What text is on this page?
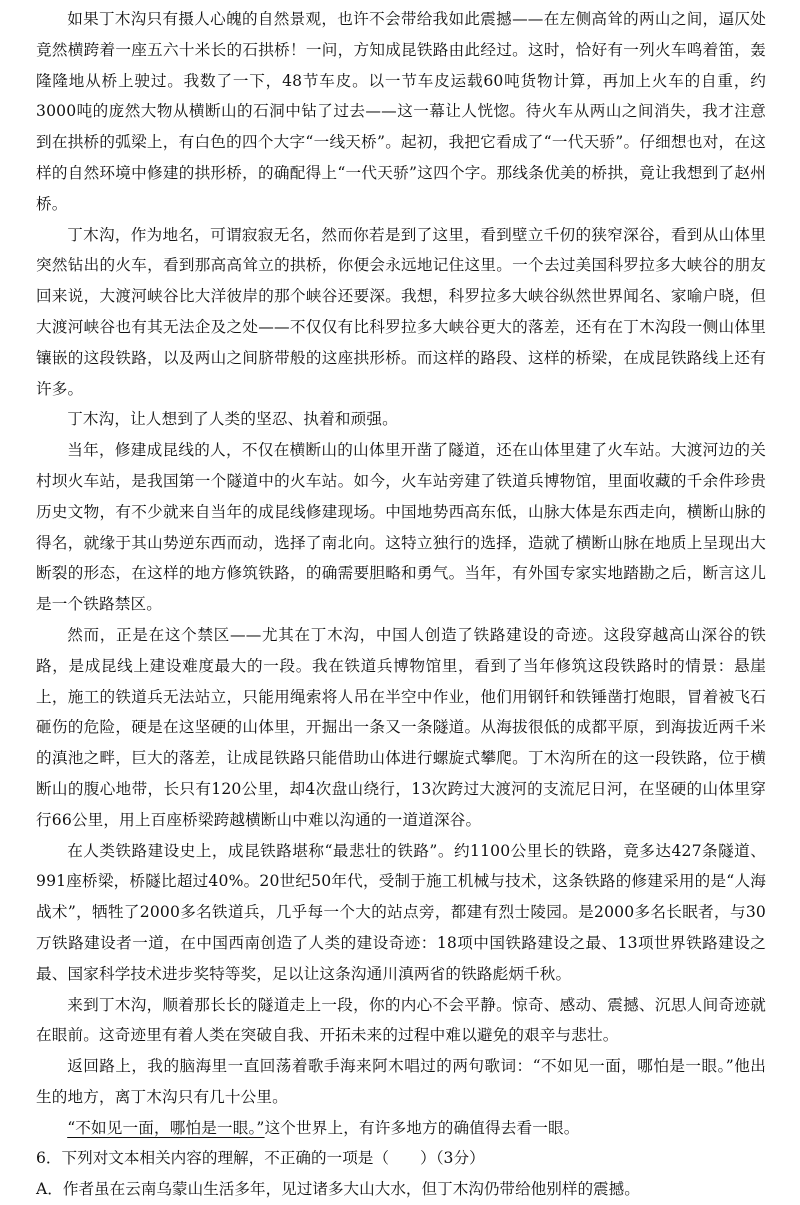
如果丁木沟只有摄人心魄的自然景观，也许不会带给我如此震撼——在左侧高耸的两山之间，逼仄处竟然横跨着一座五六十米长的石拱桥！一问，方知成昆铁路由此经过。这时，恰好有一列火车鸣着笛，轰隆隆地从桥上驶过。我数了一下，48节车皮。以一节车皮运载60吨货物计算，再加上火车的自重，约3000吨的庞然大物从横断山的石洞中钻了过去——这一幕让人恍惚。待火车从两山之间消失，我才注意到在拱桥的弧梁上，有白色的四个大字“一线天桥”。起初，我把它看成了“一代天骄”。仔细想也对，在这样的自然环境中修建的拱形桥，的确配得上“一代天骄”这四个字。那线条优美的桥拱，竟让我想到了赵州桥。

丁木沟，作为地名，可谓寂寂无名，然而你若是到了这里，看到壁立千仞的狭窄深谷，看到从山体里突然钻出的火车，看到那高高耸立的拱桥，你便会永远地记住这里。一个去过美国科罗拉多大峡谷的朋友回来说，大渡河峡谷比大洋彼岸的那个峡谷还要深。我想，科罗拉多大峡谷纵然世界闻名、家喻户晓，但大渡河峡谷也有其无法企及之处——不仅仅有比科罗拉多大峡谷更大的落差，还有在丁木沟段一侧山体里镶嵌的这段铁路，以及两山之间脐带般的这座拱形桥。而这样的路段、这样的桥梁，在成昆铁路线上还有许多。

丁木沟，让人想到了人类的坚忍、执着和顽强。

当年，修建成昆线的人，不仅在横断山的山体里开凿了隧道，还在山体里建了火车站。大渡河边的关村坝火车站，是我国第一个隧道中的火车站。如今，火车站旁建了铁道兵博物馆，里面收藏的千余件珍贵历史文物，有不少就来自当年的成昆线修建现场。中国地势西高东低，山脉大体是东西走向，横断山脉的得名，就缘于其山势逆东西而动，选择了南北向。这特立独行的选择，造就了横断山脉在地质上呈现出大断裂的形态，在这样的地方修筑铁路，的确需要胆略和勇气。当年，有外国专家实地踏勘之后，断言这儿是一个铁路禁区。

然而，正是在这个禁区——尤其在丁木沟，中国人创造了铁路建设的奇迹。这段穿越高山深谷的铁路，是成昆线上建设难度最大的一段。我在铁道兵博物馆里，看到了当年修筑这段铁路时的情景：悬崖上，施工的铁道兵无法站立，只能用绳索将人吊在半空中作业，他们用钢钎和铁锤凿打炮眼，冒着被飞石砸伤的危险，硬是在这坚硬的山体里，开掘出一条又一条隧道。从海拔很低的成都平原，到海拔近两千米的滇池之畔，巨大的落差，让成昆铁路只能借助山体进行螺旋式攀爬。丁木沟所在的这一段铁路，位于横断山的腹心地带，长只有120公里，却4次盘山绕行，13次跨过大渡河的支流尼日河，在坚硬的山体里穿行66公里，用上百座桥梁跨越横断山中难以沟通的一道道深谷。

在人类铁路建设史上，成昆铁路堪称“最悲壮的铁路”。约1100公里长的铁路，竟多达427条隧道、991座桥梁，桥隧比超过40%。20世纪50年代，受制于施工机械与技术，这条铁路的修建采用的是“人海战术”，牺牲了2000多名铁道兵，几乎每一个大的站点旁，都建有烈士陵园。是2000多名长眠者，与30万铁路建设者一道，在中国西南创造了人类的建设奇迹：18项中国铁路建设之最、13项世界铁路建设之最、国家科学技术进步奖特等奖，足以让这条沟通川滇两省的铁路彪炳千秋。

来到丁木沟，顺着那长长的隧道走上一段，你的内心不会平静。惊奇、感动、震撼、沉思人间奇迹就在眼前。这奇迹里有着人类在突破自我、开拓未来的过程中难以避免的艰辛与悲壮。

返回路上，我的脑海里一直回荡着歌手海来阿木唱过的两句歌词：“不如见一面，哪怕是一眼。”他出生的地方，离丁木沟只有几十公里。

“不如见一面，哪怕是一眼。”这个世界上，有许多地方的确值得去看一眼。

6．下列对文本相关内容的理解，不正确的一项是（　　）（3分）

A．作者虽在云南乌蒙山生活多年，见过诸多大山大水，但丁木沟仍带给他别样的震撼。
